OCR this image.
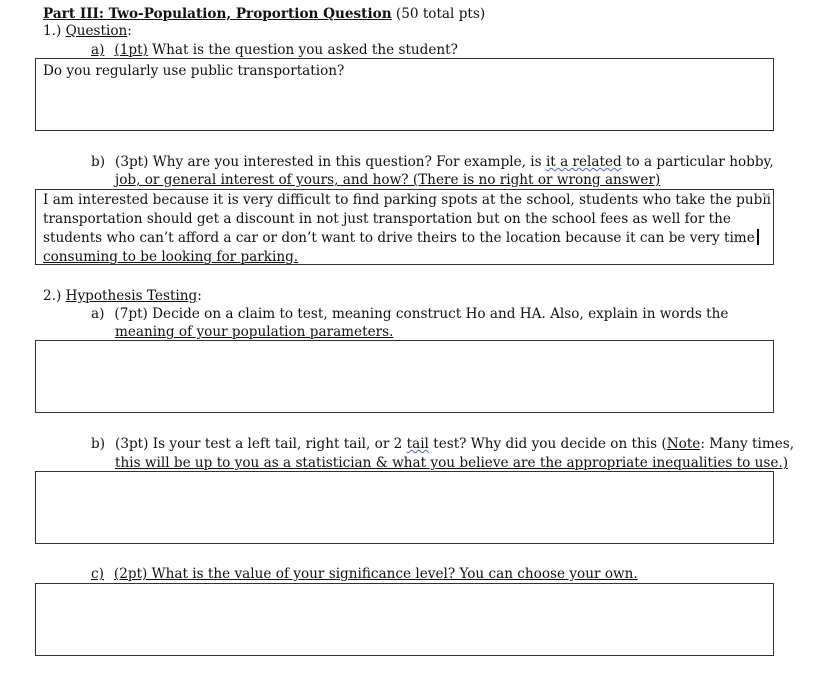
Part III: Two-Population, Proportion Question (50 total pts)
1.) Question:
a) (1pt) What is the question you asked the student?
Do you regularly use public transportation?
b) (3pt) Why are you interested in this question? For example, is it a related to a particular hobby,
job, or general interest of yours, and how? (There is no right or wrong answer)
I am interested because it is very difficult to find parking spots at the school, students who take the publi
transportation should get a discount in not just transportation but on the school fees as well for the
students who can’t afford a car or don’t want to drive theirs to the location because it can be very time
consuming to be looking for parking.
2.) Hypothesis Testing:
a) (7pt) Decide on a claim to test, meaning construct Ho and HA. Also, explain in words the
meaning of your population parameters.
b) (3pt) Is your test a left tail, right tail, or 2 tail test? Why did you decide on this (Note: Many times,
this will be up to you as a statistician & what you believe are the appropriate inequalities to use.)
c) (2pt) What is the value of your significance level? You can choose your own.
